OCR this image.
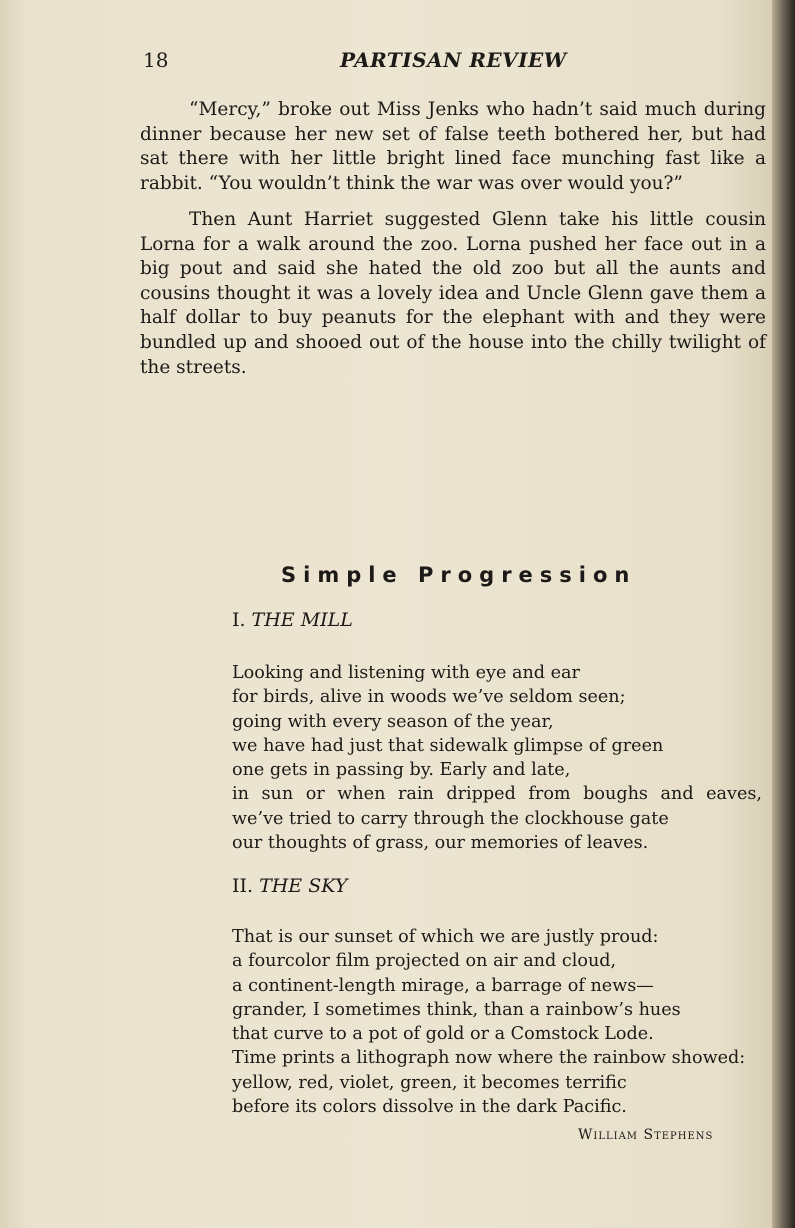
18	PARTISAN REVIEW

“Mercy,” broke out Miss Jenks who hadn’t said much during dinner because her new set of false teeth bothered her, but had sat there with her little bright lined face munching fast like a rabbit. “You wouldn’t think the war was over would you?”

Then Aunt Harriet suggested Glenn take his little cousin Lorna for a walk around the zoo. Lorna pushed her face out in a big pout and said she hated the old zoo but all the aunts and cousins thought it was a lovely idea and Uncle Glenn gave them a half dollar to buy peanuts for the elephant with and they were bundled up and shooed out of the house into the chilly twilight of the streets.

Simple Progression
I. THE MILL
Looking and listening with eye and ear
for birds, alive in woods we’ve seldom seen;
going with every season of the year,
we have had just that sidewalk glimpse of green
one gets in passing by. Early and late,
in sun or when rain dripped from boughs and eaves,
we’ve tried to carry through the clockhouse gate
our thoughts of grass, our memories of leaves.
II. THE SKY
That is our sunset of which we are justly proud:
a fourcolor film projected on air and cloud,
a continent-length mirage, a barrage of news—
grander, I sometimes think, than a rainbow’s hues
that curve to a pot of gold or a Comstock Lode.
Time prints a lithograph now where the rainbow showed:
yellow, red, violet, green, it becomes terrific
before its colors dissolve in the dark Pacific.
William Stephens
